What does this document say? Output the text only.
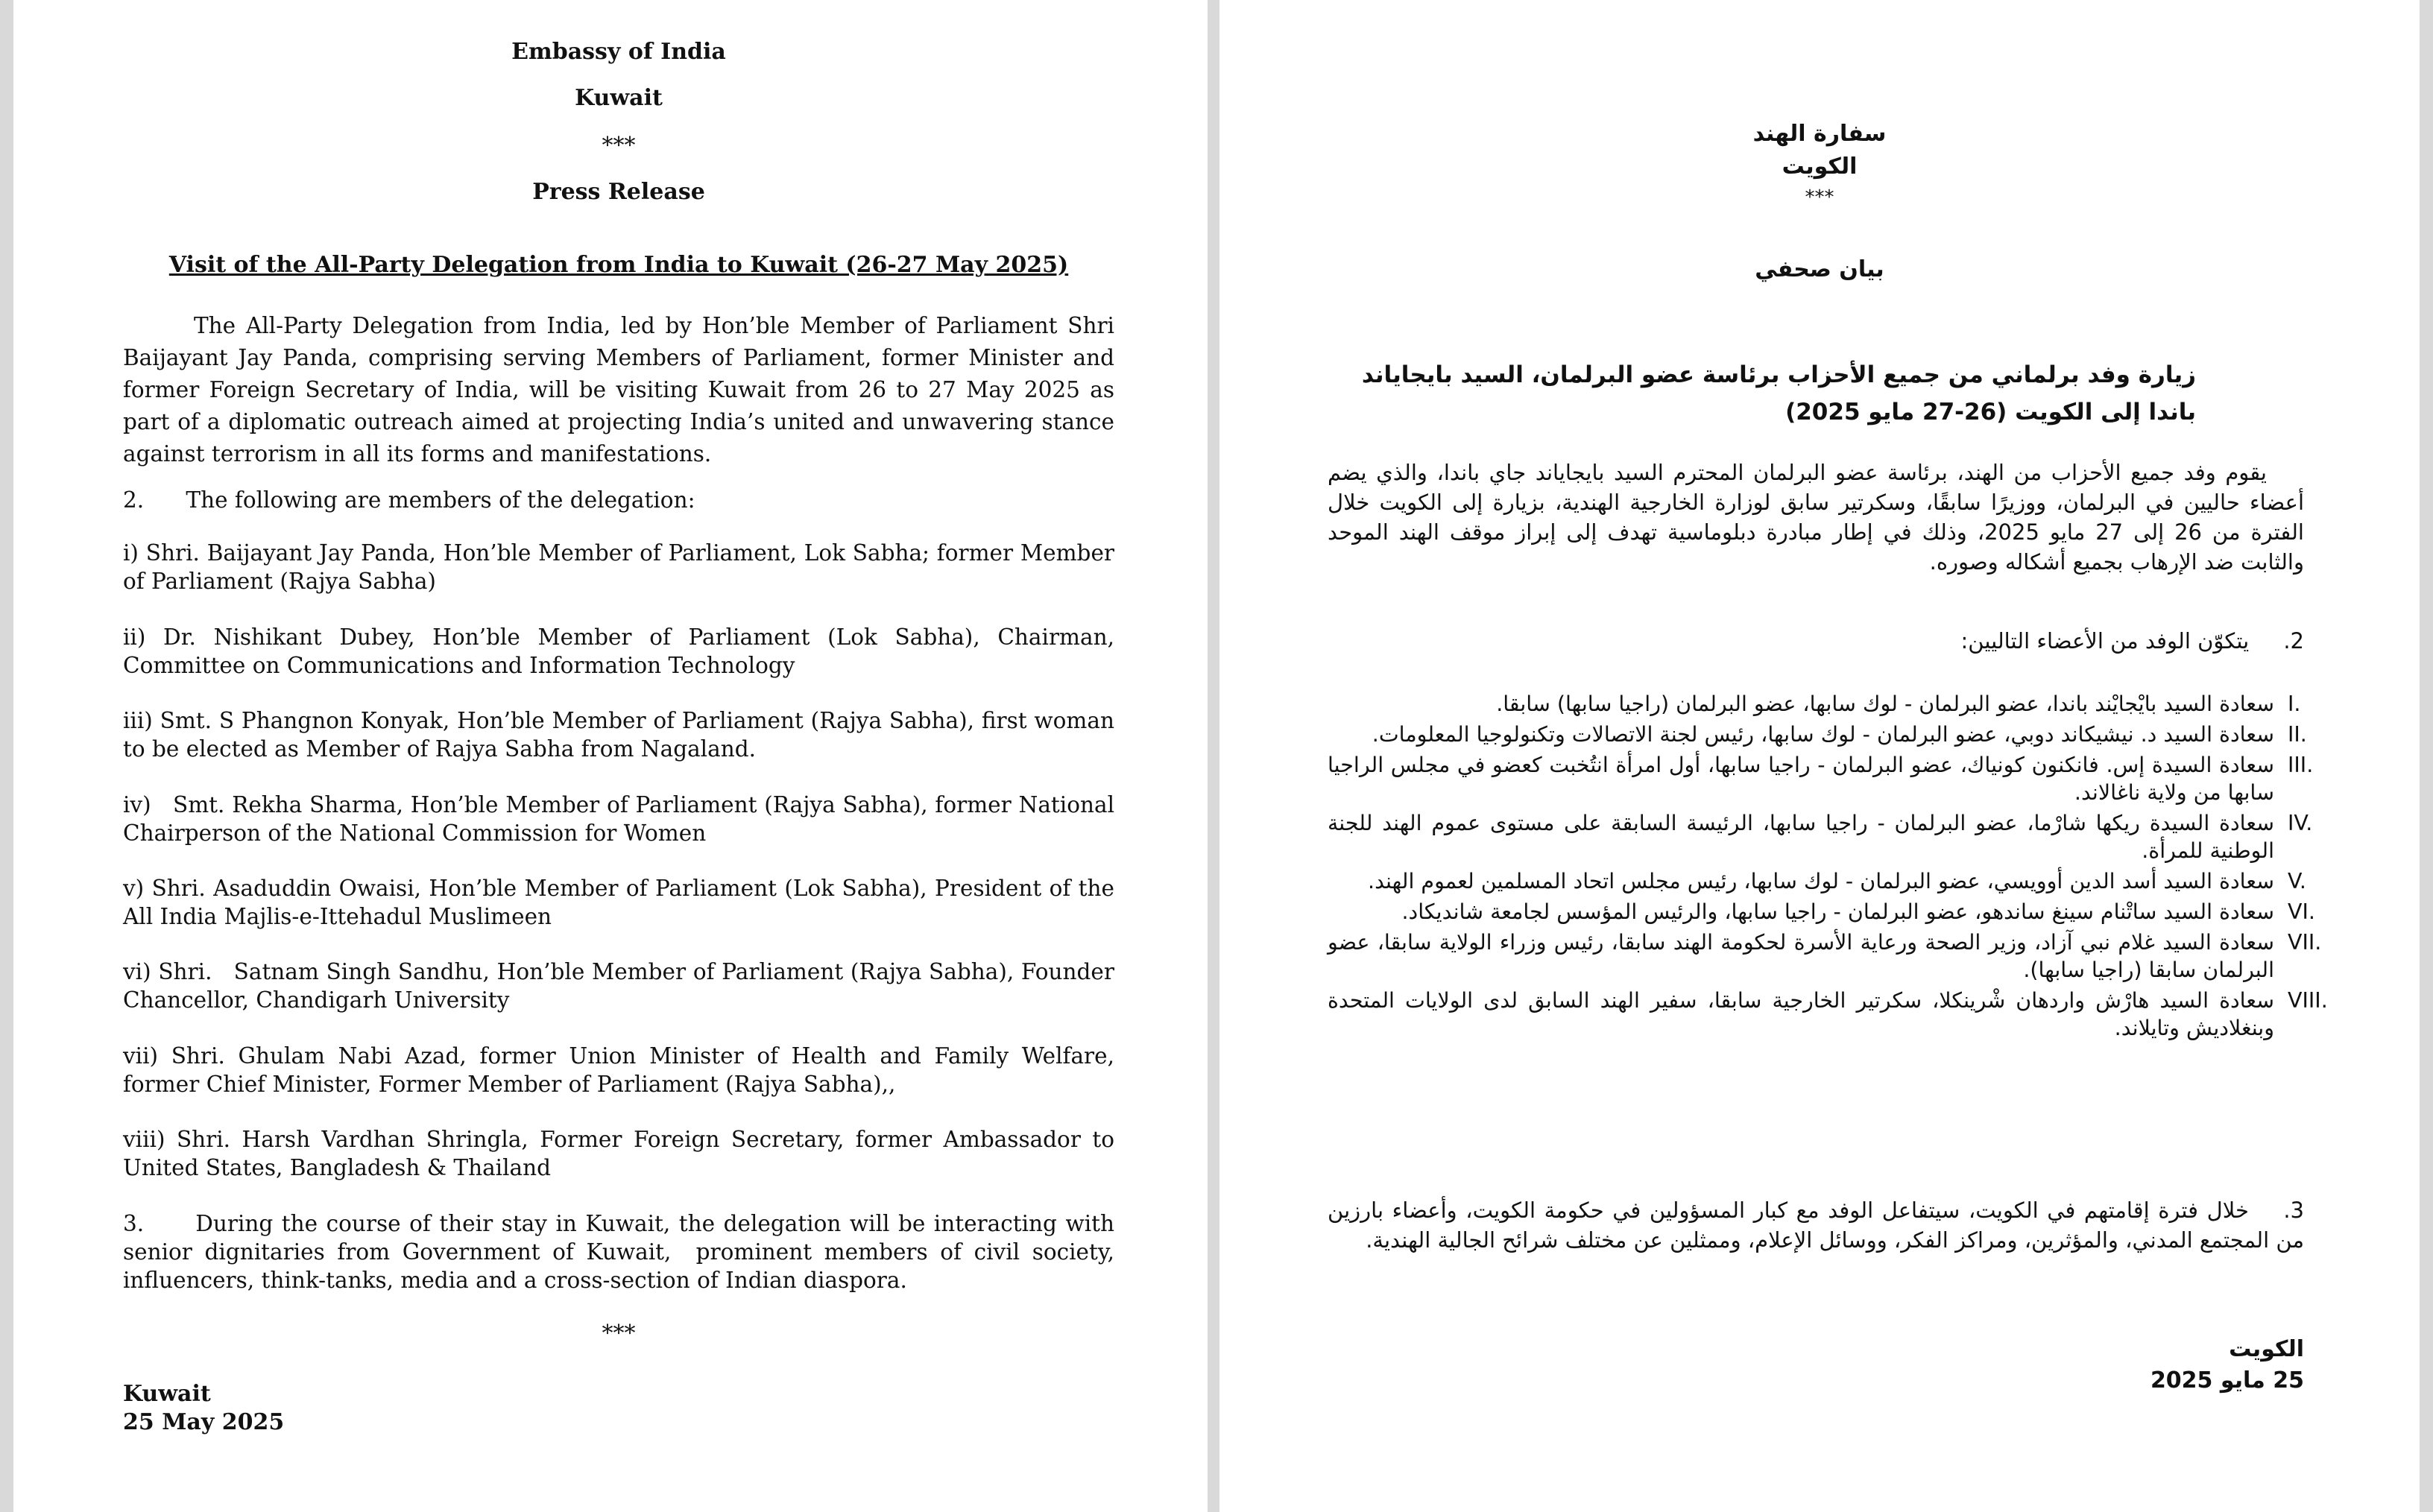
Embassy of India
Kuwait
***
Press Release
Visit of the All-Party Delegation from India to Kuwait (26-27 May 2025)
The All-Party Delegation from India, led by Hon’ble Member of Parliament Shri Baijayant Jay Panda, comprising serving Members of Parliament, former Minister and former Foreign Secretary of India, will be visiting Kuwait from 26 to 27 May 2025 as part of a diplomatic outreach aimed at projecting India’s united and unwavering stance against terrorism in all its forms and manifestations.
2.      The following are members of the delegation:
i) Shri. Baijayant Jay Panda, Hon’ble Member of Parliament, Lok Sabha; former Member of Parliament (Rajya Sabha)
ii) Dr. Nishikant Dubey, Hon’ble Member of Parliament (Lok Sabha), Chairman, Committee on Communications and Information Technology
iii) Smt. S Phangnon Konyak, Hon’ble Member of Parliament (Rajya Sabha), first woman to be elected as Member of Rajya Sabha from Nagaland.
iv)   Smt. Rekha Sharma, Hon’ble Member of Parliament (Rajya Sabha), former National Chairperson of the National Commission for Women
v) Shri. Asaduddin Owaisi, Hon’ble Member of Parliament (Lok Sabha), President of the All India Majlis-e-Ittehadul Muslimeen
vi) Shri.   Satnam Singh Sandhu, Hon’ble Member of Parliament (Rajya Sabha), Founder Chancellor, Chandigarh University
vii) Shri. Ghulam Nabi Azad, former Union Minister of Health and Family Welfare, former Chief Minister, Former Member of Parliament (Rajya Sabha),,
viii) Shri. Harsh Vardhan Shringla, Former Foreign Secretary, former Ambassador to United States, Bangladesh & Thailand
3.      During the course of their stay in Kuwait, the delegation will be interacting with senior dignitaries from Government of Kuwait,  prominent members of civil society, influencers, think-tanks, media and a cross-section of Indian diaspora.
***
Kuwait
25 May 2025
سفارة الهند
الكويت
***
بيان صحفي
زيارة وفد برلماني من جميع الأحزاب برئاسة عضو البرلمان، السيد بايجاياند باندا إلى الكويت (26-27 مايو 2025)
يقوم وفد جميع الأحزاب من الهند، برئاسة عضو البرلمان المحترم السيد بايجاياند جاي باندا، والذي يضم أعضاء حاليين في البرلمان، ووزيرًا سابقًا، وسكرتير سابق لوزارة الخارجية الهندية، بزيارة إلى الكويت خلال الفترة من 26 إلى 27 مايو 2025، وذلك في إطار مبادرة دبلوماسية تهدف إلى إبراز موقف الهند الموحد والثابت ضد الإرهاب بجميع أشكاله وصوره.
2.     يتكوّن الوفد من الأعضاء التاليين:
I.
سعادة السيد بايْجايْند باندا، عضو البرلمان - لوك سابها، عضو البرلمان (راجيا سابها) سابقا.
II.
سعادة السيد د. نيشيكاند دوبي، عضو البرلمان - لوك سابها، رئيس لجنة الاتصالات وتكنولوجيا المعلومات.
III.
سعادة السيدة إس. فانكنون كونياك، عضو البرلمان - راجيا سابها، أول امرأة انتُخبت كعضو في مجلس الراجيا سابها من ولاية ناغالاند.
IV.
سعادة السيدة ريكها شارْما، عضو البرلمان - راجيا سابها، الرئيسة السابقة على مستوى عموم الهند للجنة الوطنية للمرأة.
V.
سعادة السيد أسد الدين أوويسي، عضو البرلمان - لوك سابها، رئيس مجلس اتحاد المسلمين لعموم الهند.
VI.
سعادة السيد ساتْنام سينغ ساندهو، عضو البرلمان - راجيا سابها، والرئيس المؤسس لجامعة شانديكاد.
VII.
سعادة السيد غلام نبي آزاد، وزير الصحة ورعاية الأسرة لحكومة الهند سابقا، رئيس وزراء الولاية سابقا، عضو البرلمان سابقا (راجيا سابها).
VIII.
سعادة السيد هارْش واردهان شْرينكلا، سكرتير الخارجية سابقا، سفير الهند السابق لدى الولايات المتحدة وبنغلاديش وتايلاند.
3.    خلال فترة إقامتهم في الكويت، سيتفاعل الوفد مع كبار المسؤولين في حكومة الكويت، وأعضاء بارزين من المجتمع المدني، والمؤثرين، ومراكز الفكر، ووسائل الإعلام، وممثلين عن مختلف شرائح الجالية الهندية.
الكويت
25 مايو 2025
